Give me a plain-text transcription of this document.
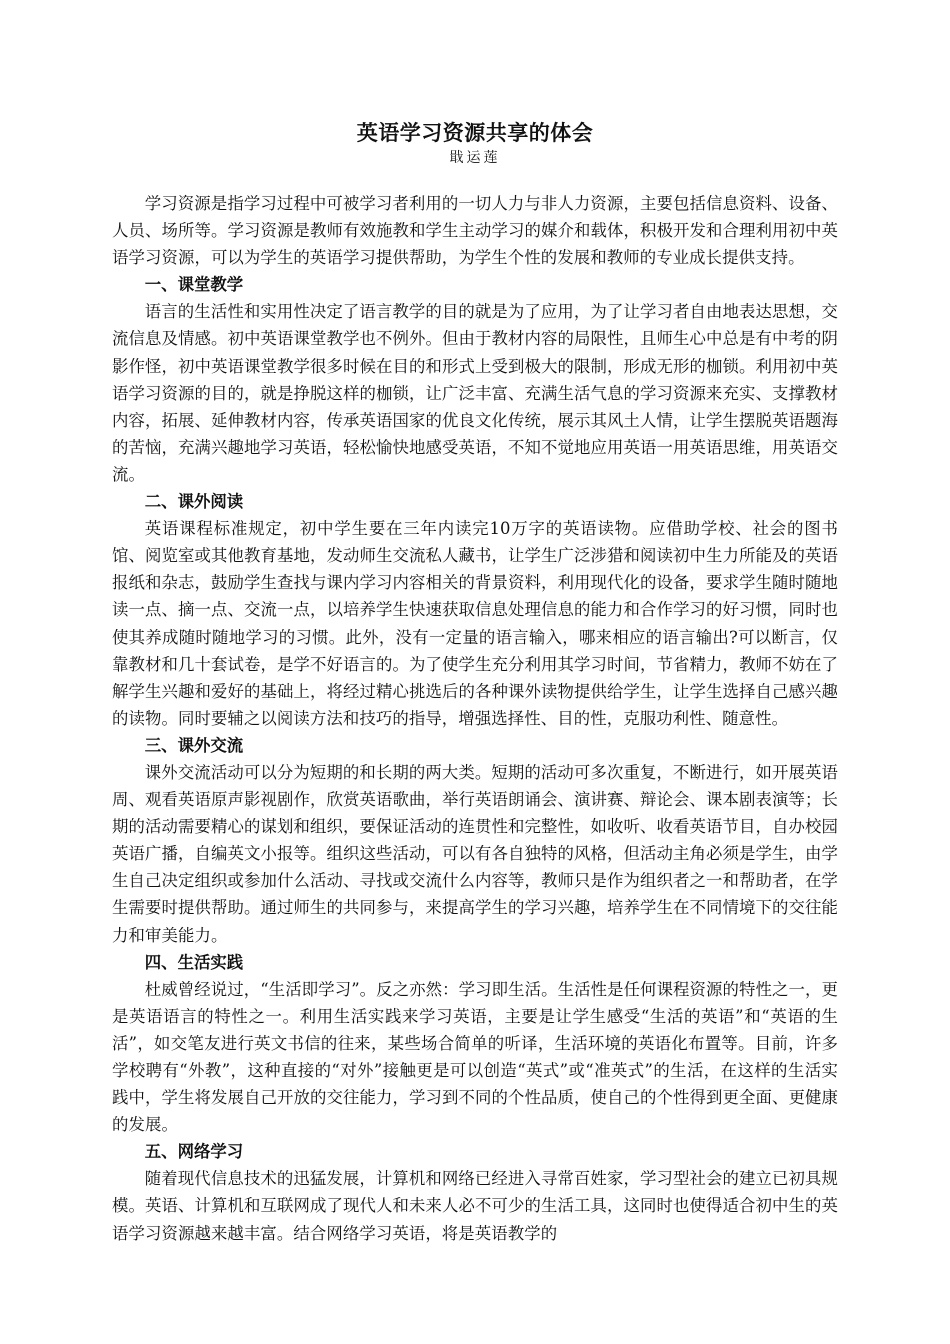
英语学习资源共享的体会

戢运莲

学习资源是指学习过程中可被学习者利用的一切人力与非人力资源，主要包括信息资料、设备、人员、场所等。学习资源是教师有效施教和学生主动学习的媒介和载体，积极开发和合理利用初中英语学习资源，可以为学生的英语学习提供帮助，为学生个性的发展和教师的专业成长提供支持。

一、课堂教学

语言的生活性和实用性决定了语言教学的目的就是为了应用，为了让学习者自由地表达思想，交流信息及情感。初中英语课堂教学也不例外。但由于教材内容的局限性，且师生心中总是有中考的阴影作怪，初中英语课堂教学很多时候在目的和形式上受到极大的限制，形成无形的枷锁。利用初中英语学习资源的目的，就是挣脱这样的枷锁，让广泛丰富、充满生活气息的学习资源来充实、支撑教材内容，拓展、延伸教材内容，传承英语国家的优良文化传统，展示其风土人情，让学生摆脱英语题海的苦恼，充满兴趣地学习英语，轻松愉快地感受英语，不知不觉地应用英语一用英语思维，用英语交流。

二、课外阅读

英语课程标准规定，初中学生要在三年内读完10万字的英语读物。应借助学校、社会的图书馆、阅览室或其他教育基地，发动师生交流私人藏书，让学生广泛涉猎和阅读初中生力所能及的英语报纸和杂志，鼓励学生查找与课内学习内容相关的背景资料，利用现代化的设备，要求学生随时随地读一点、摘一点、交流一点，以培养学生快速获取信息处理信息的能力和合作学习的好习惯，同时也使其养成随时随地学习的习惯。此外，没有一定量的语言输入，哪来相应的语言输出?可以断言，仅靠教材和几十套试卷，是学不好语言的。为了使学生充分利用其学习时间，节省精力，教师不妨在了解学生兴趣和爱好的基础上，将经过精心挑选后的各种课外读物提供给学生，让学生选择自己感兴趣的读物。同时要辅之以阅读方法和技巧的指导，增强选择性、目的性，克服功利性、随意性。

三、课外交流

课外交流活动可以分为短期的和长期的两大类。短期的活动可多次重复，不断进行，如开展英语周、观看英语原声影视剧作，欣赏英语歌曲，举行英语朗诵会、演讲赛、辩论会、课本剧表演等；长期的活动需要精心的谋划和组织，要保证活动的连贯性和完整性，如收听、收看英语节目，自办校园英语广播，自编英文小报等。组织这些活动，可以有各自独特的风格，但活动主角必须是学生，由学生自己决定组织或参加什么活动、寻找或交流什么内容等，教师只是作为组织者之一和帮助者，在学生需要时提供帮助。通过师生的共同参与，来提高学生的学习兴趣，培养学生在不同情境下的交往能力和审美能力。

四、生活实践

杜威曾经说过，“生活即学习”。反之亦然：学习即生活。生活性是任何课程资源的特性之一，更是英语语言的特性之一。利用生活实践来学习英语，主要是让学生感受“生活的英语”和“英语的生活”，如交笔友进行英文书信的往来，某些场合简单的听译，生活环境的英语化布置等。目前，许多学校聘有“外教”，这种直接的“对外”接触更是可以创造“英式”或“准英式”的生活，在这样的生活实践中，学生将发展自己开放的交往能力，学习到不同的个性品质，使自己的个性得到更全面、更健康的发展。

五、网络学习

随着现代信息技术的迅猛发展，计算机和网络已经进入寻常百姓家，学习型社会的建立已初具规模。英语、计算机和互联网成了现代人和未来人必不可少的生活工具，这同时也使得适合初中生的英语学习资源越来越丰富。结合网络学习英语，将是英语教学的
